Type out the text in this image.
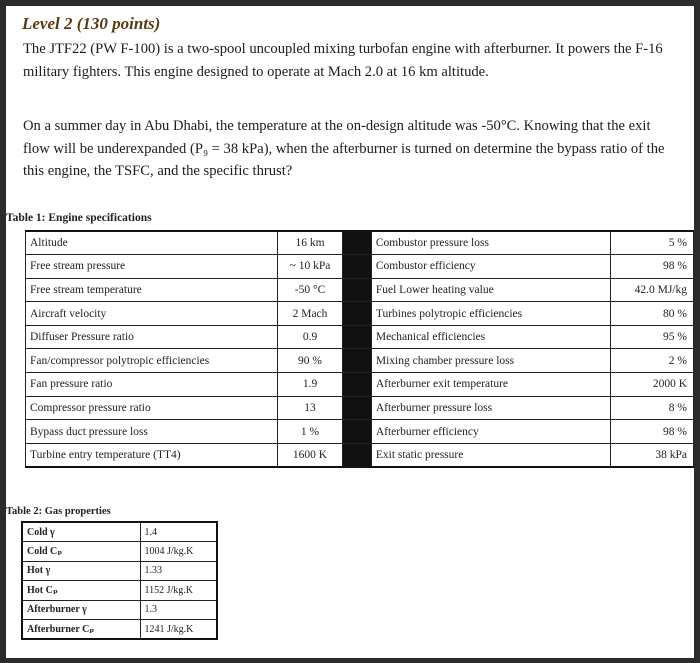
Level 2 (130 points)
The JTF22 (PW F-100) is a two-spool uncoupled mixing turbofan engine with afterburner. It powers the F-16 military fighters. This engine designed to operate at Mach 2.0 at 16 km altitude.
On a summer day in Abu Dhabi, the temperature at the on-design altitude was -50°C. Knowing that the exit flow will be underexpanded (P₉ = 38 kPa), when the afterburner is turned on determine the bypass ratio of the this engine, the TSFC, and the specific thrust?
Table 1: Engine specifications
Altitude	16 km		Combustor pressure loss	5 %
Free stream pressure	~ 10 kPa		Combustor efficiency	98 %
Free stream temperature	-50 °C		Fuel Lower heating value	42.0 MJ/kg
Aircraft velocity	2 Mach		Turbines polytropic efficiencies	80 %
Diffuser Pressure ratio	0.9		Mechanical efficiencies	95 %
Fan/compressor polytropic efficiencies	90 %		Mixing chamber pressure loss	2 %
Fan pressure ratio	1.9		Afterburner exit temperature	2000 K
Compressor pressure ratio	13		Afterburner pressure loss	8 %
Bypass duct pressure loss	1 %		Afterburner efficiency	98 %
Turbine entry temperature (TT4)	1600 K		Exit static pressure	38 kPa
Table 2: Gas properties
Cold γ	1.4
Cold Cₚ	1004 J/kg.K
Hot γ	1.33
Hot Cₚ	1152 J/kg.K
Afterburner γ	1.3
Afterburner Cₚ	1241 J/kg.K
